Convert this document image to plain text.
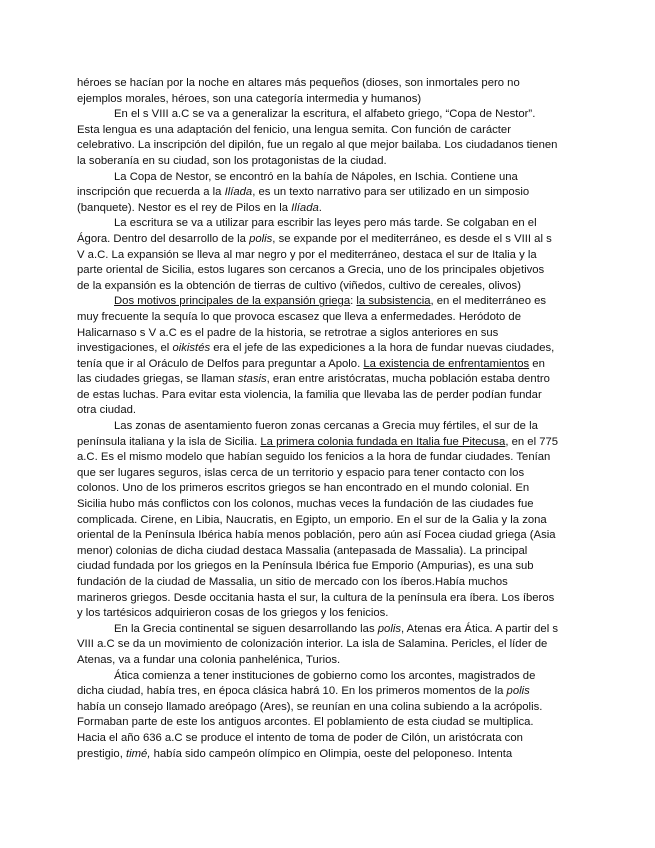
héroes se hacían por la noche en altares más pequeños (dioses, son inmortales pero no ejemplos morales, héroes, son una categoría intermedia y humanos)

En el s VIII a.C se va a generalizar la escritura, el alfabeto griego, “Copa de Nestor”. Esta lengua es una adaptación del fenicio, una lengua semita. Con función de carácter celebrativo. La inscripción del dipilón, fue un regalo al que mejor bailaba. Los ciudadanos tienen la soberanía en su ciudad, son los protagonistas de la ciudad.

La Copa de Nestor, se encontró en la bahía de Nápoles, en Ischia. Contiene una inscripción que recuerda a la Ilíada, es un texto narrativo para ser utilizado en un simposio (banquete). Nestor es el rey de Pilos en la Ilíada.

La escritura se va a utilizar para escribir las leyes pero más tarde. Se colgaban en el Ágora. Dentro del desarrollo de la polis, se expande por el mediterráneo, es desde el s VIII al s V a.C. La expansión se lleva al mar negro y por el mediterráneo, destaca el sur de Italia y la parte oriental de Sicilia, estos lugares son cercanos a Grecia, uno de los principales objetivos de la expansión es la obtención de tierras de cultivo (viñedos, cultivo de cereales, olivos)

Dos motivos principales de la expansión griega: la subsistencia, en el mediterráneo es muy frecuente la sequía lo que provoca escasez que lleva a enfermedades. Heródoto de Halicarnaso s V a.C es el padre de la historia, se retrotrae a siglos anteriores en sus investigaciones, el oikistés era el jefe de las expediciones a la hora de fundar nuevas ciudades, tenía que ir al Oráculo de Delfos para preguntar a Apolo. La existencia de enfrentamientos en las ciudades griegas, se llaman stasis, eran entre aristócratas, mucha población estaba dentro de estas luchas. Para evitar esta violencia, la familia que llevaba las de perder podían fundar otra ciudad.

Las zonas de asentamiento fueron zonas cercanas a Grecia muy fértiles, el sur de la península italiana y la isla de Sicilia. La primera colonia fundada en Italia fue Pitecusa, en el 775 a.C. Es el mismo modelo que habían seguido los fenicios a la hora de fundar ciudades. Tenían que ser lugares seguros, islas cerca de un territorio y espacio para tener contacto con los colonos. Uno de los primeros escritos griegos se han encontrado en el mundo colonial. En Sicilia hubo más conflictos con los colonos, muchas veces la fundación de las ciudades fue complicada. Cirene, en Libia, Naucratis, en Egipto, un emporio. En el sur de la Galia y la zona oriental de la Península Ibérica había menos población, pero aún así Focea ciudad griega (Asia menor) colonias de dicha ciudad destaca Massalia (antepasada de Massalia). La principal ciudad fundada por los griegos en la Península Ibérica fue Emporio (Ampurias), es una sub fundación de la ciudad de Massalia, un sitio de mercado con los íberos.Había muchos marineros griegos. Desde occitania hasta el sur, la cultura de la península era íbera. Los íberos y los tartésicos adquirieron cosas de los griegos y los fenicios.

En la Grecia continental se siguen desarrollando las polis, Atenas era Ática. A partir del s VIII a.C se da un movimiento de colonización interior. La isla de Salamina. Pericles, el líder de Atenas, va a fundar una colonia panhelénica, Turios.

Ática comienza a tener instituciones de gobierno como los arcontes, magistrados de dicha ciudad, había tres, en época clásica habrá 10. En los primeros momentos de la polis había un consejo llamado areópago (Ares), se reunían en una colina subiendo a la acrópolis. Formaban parte de este los antiguos arcontes. El poblamiento de esta ciudad se multiplica. Hacia el año 636 a.C se produce el intento de toma de poder de Cilón, un aristócrata con prestigio, timé, había sido campeón olímpico en Olimpia, oeste del peloponeso. Intenta
